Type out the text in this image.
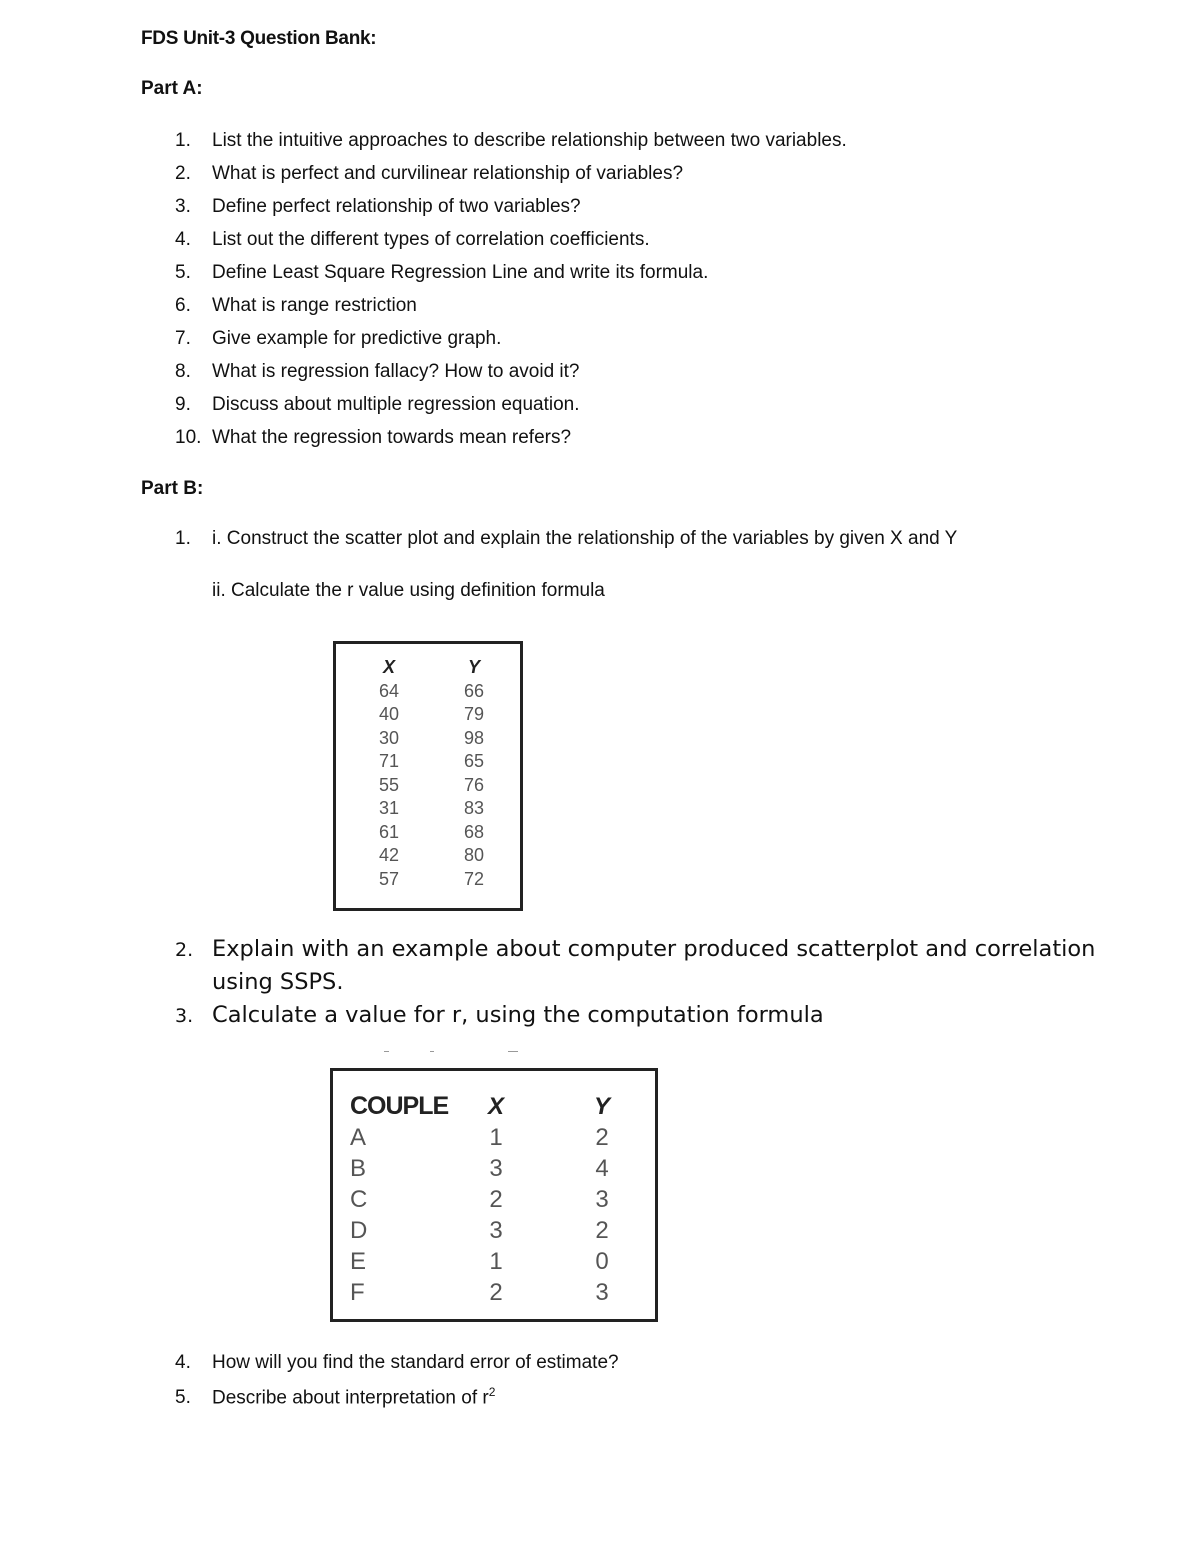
FDS Unit-3 Question Bank:
Part A:
1. List the intuitive approaches to describe relationship between two variables.
2. What is perfect and curvilinear relationship of variables?
3. Define perfect relationship of two variables?
4. List out the different types of correlation coefficients.
5. Define Least Square Regression Line and write its formula.
6. What is range restriction
7. Give example for predictive graph.
8. What is regression fallacy? How to avoid it?
9. Discuss about multiple regression equation.
10. What the regression towards mean refers?
Part B:
1. i. Construct the scatter plot and explain the relationship of the variables by given X and Y
ii. Calculate the r value using definition formula
X
64
40
30
71
55
31
61
42
57
Y
66
79
98
65
76
83
68
80
72
2. Explain with an example about computer produced scatterplot and correlation
using SSPS.
3. Calculate a value for r, using the computation formula
COUPLE
A
B
C
D
E
F
X
1
3
2
3
1
2
Y
2
4
3
2
0
3
4. How will you find the standard error of estimate?
5. Describe about interpretation of $r^2$
